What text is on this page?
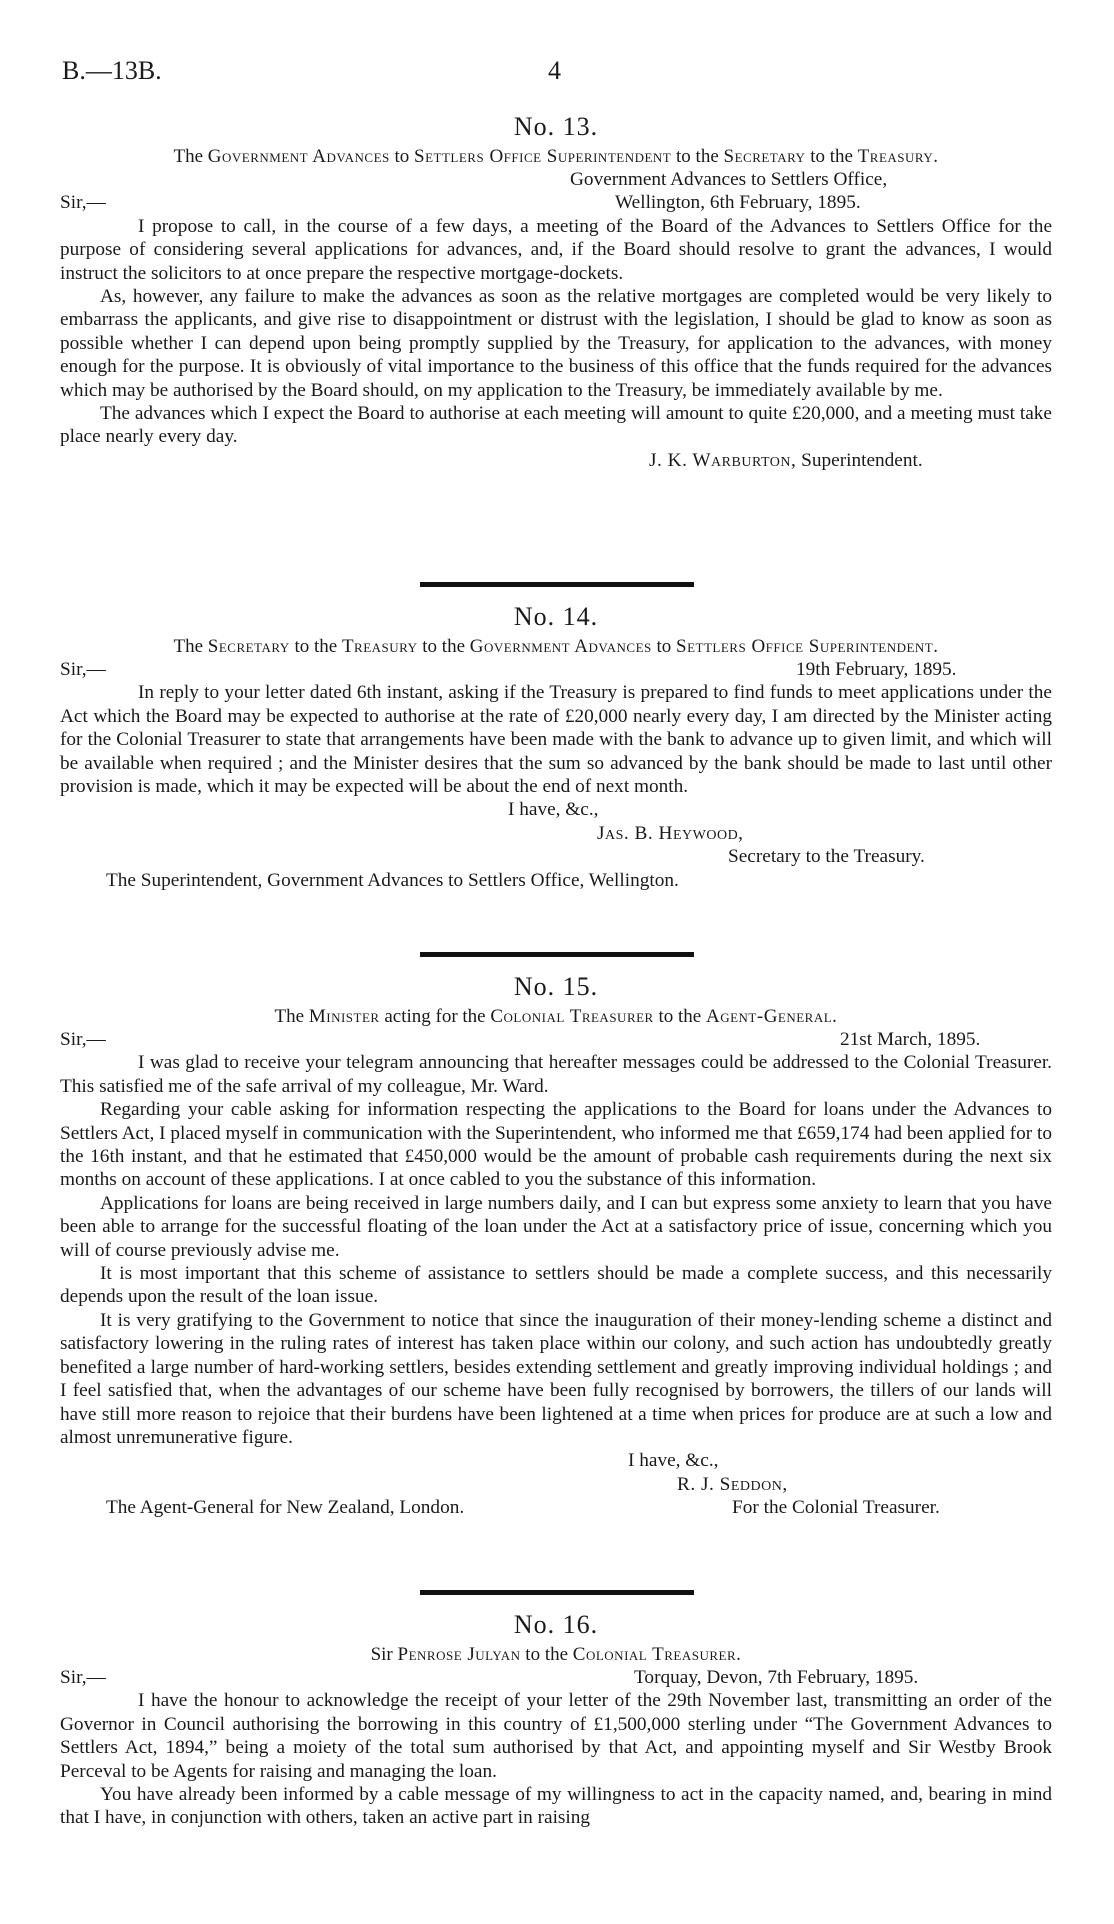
B.—13B.	4
No. 13.
The Government Advances to Settlers Office Superintendent to the Secretary to the Treasury.
Government Advances to Settlers Office,
Sir,—	Wellington, 6th February, 1895.

I propose to call, in the course of a few days, a meeting of the Board of the Advances to Settlers Office for the purpose of considering several applications for advances, and, if the Board should resolve to grant the advances, I would instruct the solicitors to at once prepare the respective mortgage-dockets.

As, however, any failure to make the advances as soon as the relative mortgages are completed would be very likely to embarrass the applicants, and give rise to disappointment or distrust with the legislation, I should be glad to know as soon as possible whether I can depend upon being promptly supplied by the Treasury, for application to the advances, with money enough for the purpose. It is obviously of vital importance to the business of this office that the funds required for the advances which may be authorised by the Board should, on my application to the Treasury, be immediately available by me.

The advances which I expect the Board to authorise at each meeting will amount to quite £20,000, and a meeting must take place nearly every day.

J. K. Warburton, Superintendent.
No. 14.
The Secretary to the Treasury to the Government Advances to Settlers Office Superintendent.
Sir,—	19th February, 1895.

In reply to your letter dated 6th instant, asking if the Treasury is prepared to find funds to meet applications under the Act which the Board may be expected to authorise at the rate of £20,000 nearly every day, I am directed by the Minister acting for the Colonial Treasurer to state that arrangements have been made with the bank to advance up to given limit, and which will be available when required ; and the Minister desires that the sum so advanced by the bank should be made to last until other provision is made, which it may be expected will be about the end of next month.

I have, &c.,
Jas. B. Heywood,
Secretary to the Treasury.
The Superintendent, Government Advances to Settlers Office, Wellington.
No. 15.
The Minister acting for the Colonial Treasurer to the Agent-General.
Sir,—	21st March, 1895.

I was glad to receive your telegram announcing that hereafter messages could be addressed to the Colonial Treasurer. This satisfied me of the safe arrival of my colleague, Mr. Ward.

Regarding your cable asking for information respecting the applications to the Board for loans under the Advances to Settlers Act, I placed myself in communication with the Superintendent, who informed me that £659,174 had been applied for to the 16th instant, and that he estimated that £450,000 would be the amount of probable cash requirements during the next six months on account of these applications. I at once cabled to you the substance of this information.

Applications for loans are being received in large numbers daily, and I can but express some anxiety to learn that you have been able to arrange for the successful floating of the loan under the Act at a satisfactory price of issue, concerning which you will of course previously advise me.

It is most important that this scheme of assistance to settlers should be made a complete success, and this necessarily depends upon the result of the loan issue.

It is very gratifying to the Government to notice that since the inauguration of their money-lending scheme a distinct and satisfactory lowering in the ruling rates of interest has taken place within our colony, and such action has undoubtedly greatly benefited a large number of hard-working settlers, besides extending settlement and greatly improving individual holdings ; and I feel satisfied that, when the advantages of our scheme have been fully recognised by borrowers, the tillers of our lands will have still more reason to rejoice that their burdens have been lightened at a time when prices for produce are at such a low and almost unremunerative figure.

I have, &c.,
R. J. Seddon,
The Agent-General for New Zealand, London.	For the Colonial Treasurer.
No. 16.
Sir Penrose Julyan to the Colonial Treasurer.
Sir,—	Torquay, Devon, 7th February, 1895.

I have the honour to acknowledge the receipt of your letter of the 29th November last, transmitting an order of the Governor in Council authorising the borrowing in this country of £1,500,000 sterling under “The Government Advances to Settlers Act, 1894,” being a moiety of the total sum authorised by that Act, and appointing myself and Sir Westby Brook Perceval to be Agents for raising and managing the loan.

You have already been informed by a cable message of my willingness to act in the capacity named, and, bearing in mind that I have, in conjunction with others, taken an active part in raising
